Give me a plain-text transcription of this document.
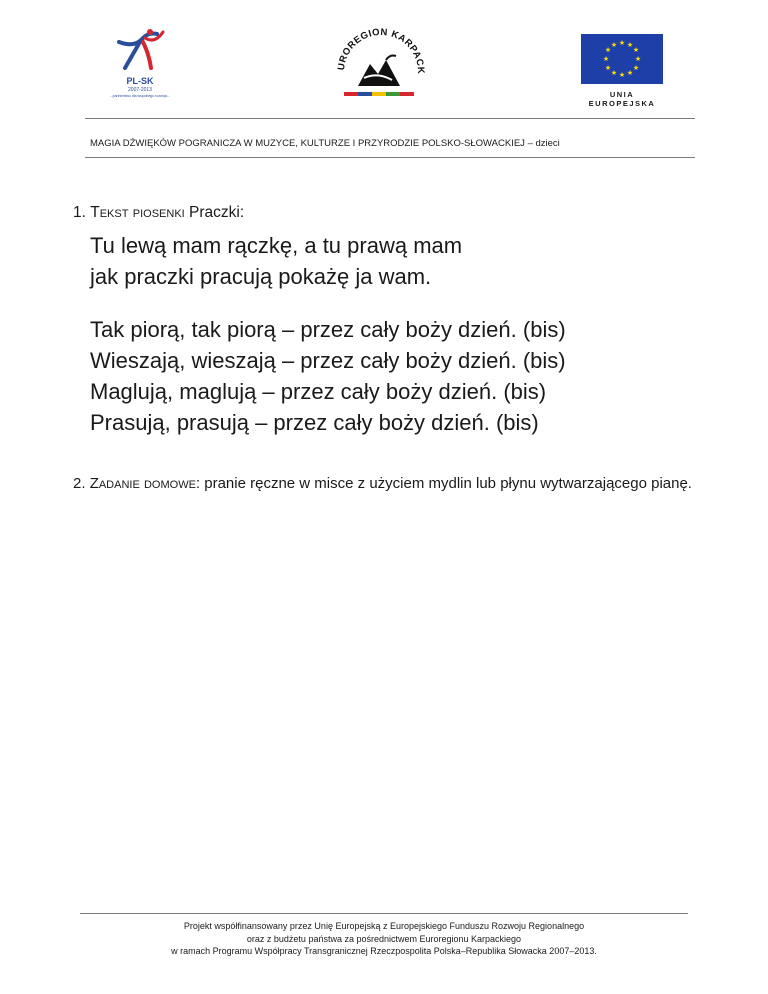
PL-SK
2007-2013
...partnerstwo dla wspólnego rozwoju...
UROREGION KARPACK
★ ★
★
★
★
★
★
★
★
★
★
★
UNIA EUROPEJSKA
MAGIA DŹWIĘKÓW POGRANICZA W MUZYCE, KULTURZE I PRZYRODZIE POLSKO-SŁOWACKIEJ – dzieci
1. Tekst piosenki Praczki:
Tu lewą mam rączkę, a tu prawą mam
jak praczki pracują pokażę ja wam.
Tak piorą, tak piorą – przez cały boży dzień. (bis)
Wieszają, wieszają – przez cały boży dzień. (bis)
Maglują, maglują – przez cały boży dzień. (bis)
Prasują, prasują – przez cały boży dzień. (bis)
2. Zadanie domowe: pranie ręczne w misce z użyciem mydlin lub płynu wytwarzającego pianę.
Projekt współfinansowany przez Unię Europejską z Europejskiego Funduszu Rozwoju Regionalnego
oraz z budżetu państwa za pośrednictwem Euroregionu Karpackiego
w ramach Programu Współpracy Transgranicznej Rzeczpospolita Polska–Republika Słowacka 2007–2013.
